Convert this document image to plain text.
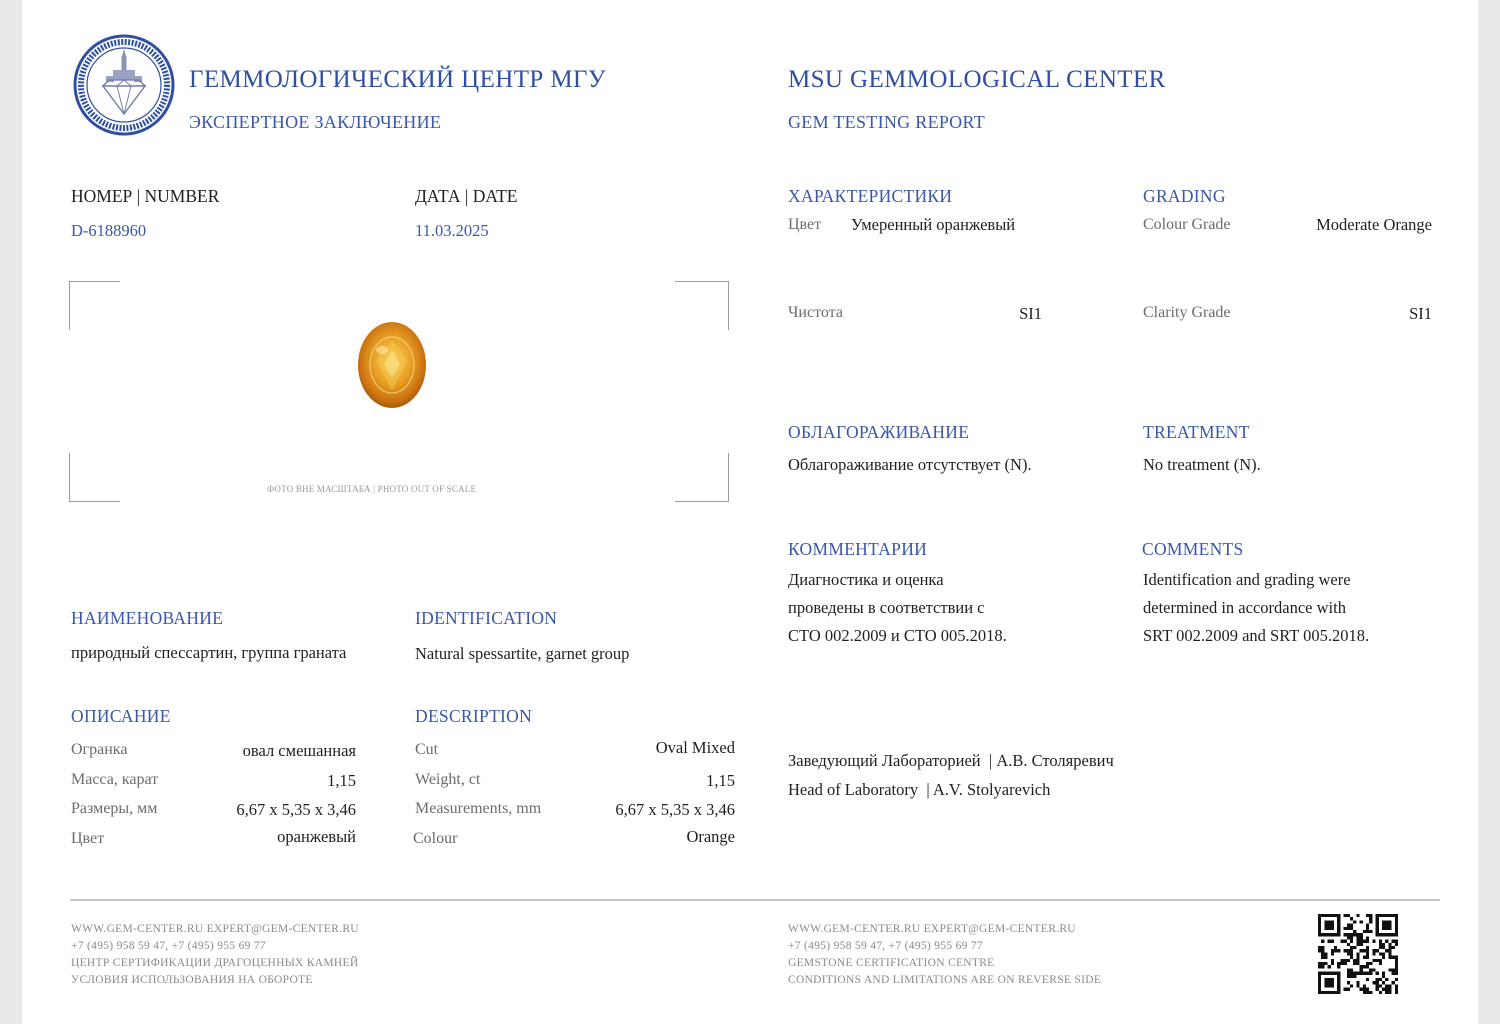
ГЕММОЛОГИЧЕСКИЙ ЦЕНТР МГУ
ЭКСПЕРТНОЕ ЗАКЛЮЧЕНИЕ
MSU GEMMOLOGICAL CENTER
GEM TESTING REPORT
НОМЕР | NUMBER
D-6188960
ДАТА | DATE
11.03.2025
ФОТО ВНЕ МАСШТАБА | PHOTO OUT OF SCALE
НАИМЕНОВАНИЕ	IDENTIFICATION
природный спессартин, группа граната	Natural spessartite, garnet group
ОПИСАНИЕ	DESCRIPTION
Огранка	овал смешанная
Масса, карат	1,15
Размеры, мм	6,67 x 5,35 x 3,46
Цвет	оранжевый
Cut	Oval Mixed
Weight, ct	1,15
Measurements, mm	6,67 x 5,35 x 3,46
Colour	Orange
ХАРАКТЕРИСТИКИ	GRADING
Цвет Умеренный оранжевый	Colour Grade	Moderate Orange
Чистота	SI1	Clarity Grade	SI1
ОБЛАГОРАЖИВАНИЕ	TREATMENT
Облагораживание отсутствует (N).	No treatment (N).
КОММЕНТАРИИ	COMMENTS
Диагностика и оценка
проведены в соответствии с
СТО 002.2009 и СТО 005.2018.
Identification and grading were
determined in accordance with
SRT 002.2009 and SRT 005.2018.
Заведующий Лабораторией  | А.В. Столяревич
Head of Laboratory  | A.V. Stolyarevich
WWW.GEM-CENTER.RU EXPERT@GEM-CENTER.RU
+7 (495) 958 59 47, +7 (495) 955 69 77
ЦЕНТР СЕРТИФИКАЦИИ ДРАГОЦЕННЫХ КАМНЕЙ
УСЛОВИЯ ИСПОЛЬЗОВАНИЯ НА ОБОРОТЕ
WWW.GEM-CENTER.RU EXPERT@GEM-CENTER.RU
+7 (495) 958 59 47, +7 (495) 955 69 77
GEMSTONE CERTIFICATION CENTRE
CONDITIONS AND LIMITATIONS ARE ON REVERSE SIDE
